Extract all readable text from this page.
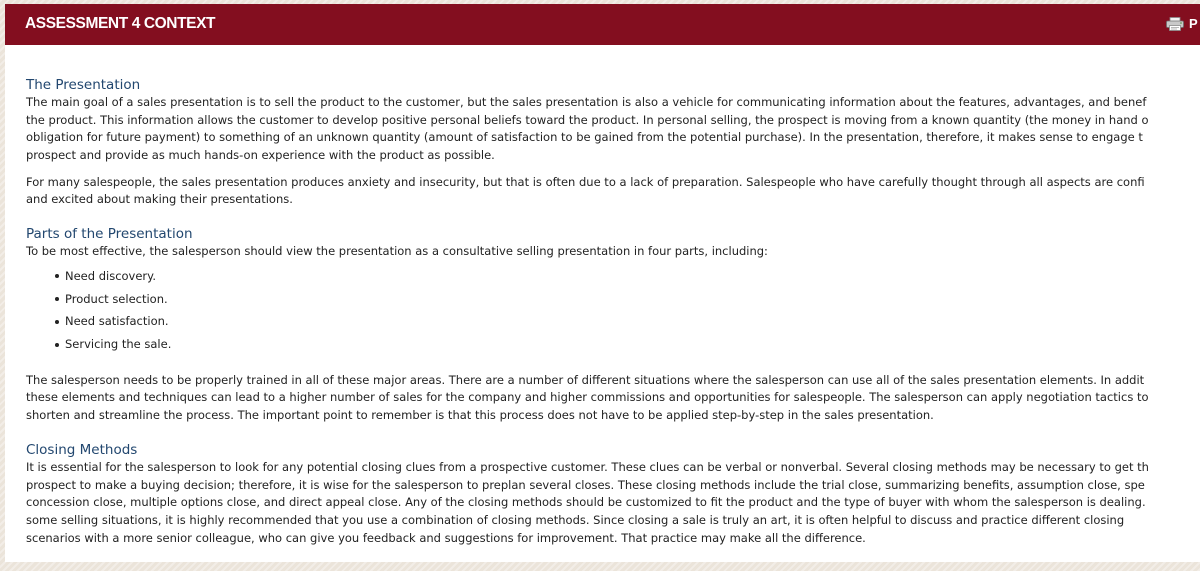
ASSESSMENT 4 CONTEXT	P
The Presentation

The main goal of a sales presentation is to sell the product to the customer, but the sales presentation is also a vehicle for communicating information about the features, advantages, and benef
the product. This information allows the customer to develop positive personal beliefs toward the product. In personal selling, the prospect is moving from a known quantity (the money in hand o
obligation for future payment) to something of an unknown quantity (amount of satisfaction to be gained from the potential purchase). In the presentation, therefore, it makes sense to engage t
prospect and provide as much hands-on experience with the product as possible.

For many salespeople, the sales presentation produces anxiety and insecurity, but that is often due to a lack of preparation. Salespeople who have carefully thought through all aspects are confi
and excited about making their presentations.

Parts of the Presentation

To be most effective, the salesperson should view the presentation as a consultative selling presentation in four parts, including:

Need discovery.
Product selection.
Need satisfaction.
Servicing the sale.

The salesperson needs to be properly trained in all of these major areas. There are a number of different situations where the salesperson can use all of the sales presentation elements. In addit
these elements and techniques can lead to a higher number of sales for the company and higher commissions and opportunities for salespeople. The salesperson can apply negotiation tactics to
shorten and streamline the process. The important point to remember is that this process does not have to be applied step-by-step in the sales presentation.

Closing Methods

It is essential for the salesperson to look for any potential closing clues from a prospective customer. These clues can be verbal or nonverbal. Several closing methods may be necessary to get th
prospect to make a buying decision; therefore, it is wise for the salesperson to preplan several closes. These closing methods include the trial close, summarizing benefits, assumption close, spe
concession close, multiple options close, and direct appeal close. Any of the closing methods should be customized to fit the product and the type of buyer with whom the salesperson is dealing.
some selling situations, it is highly recommended that you use a combination of closing methods. Since closing a sale is truly an art, it is often helpful to discuss and practice different closing
scenarios with a more senior colleague, who can give you feedback and suggestions for improvement. That practice may make all the difference.
